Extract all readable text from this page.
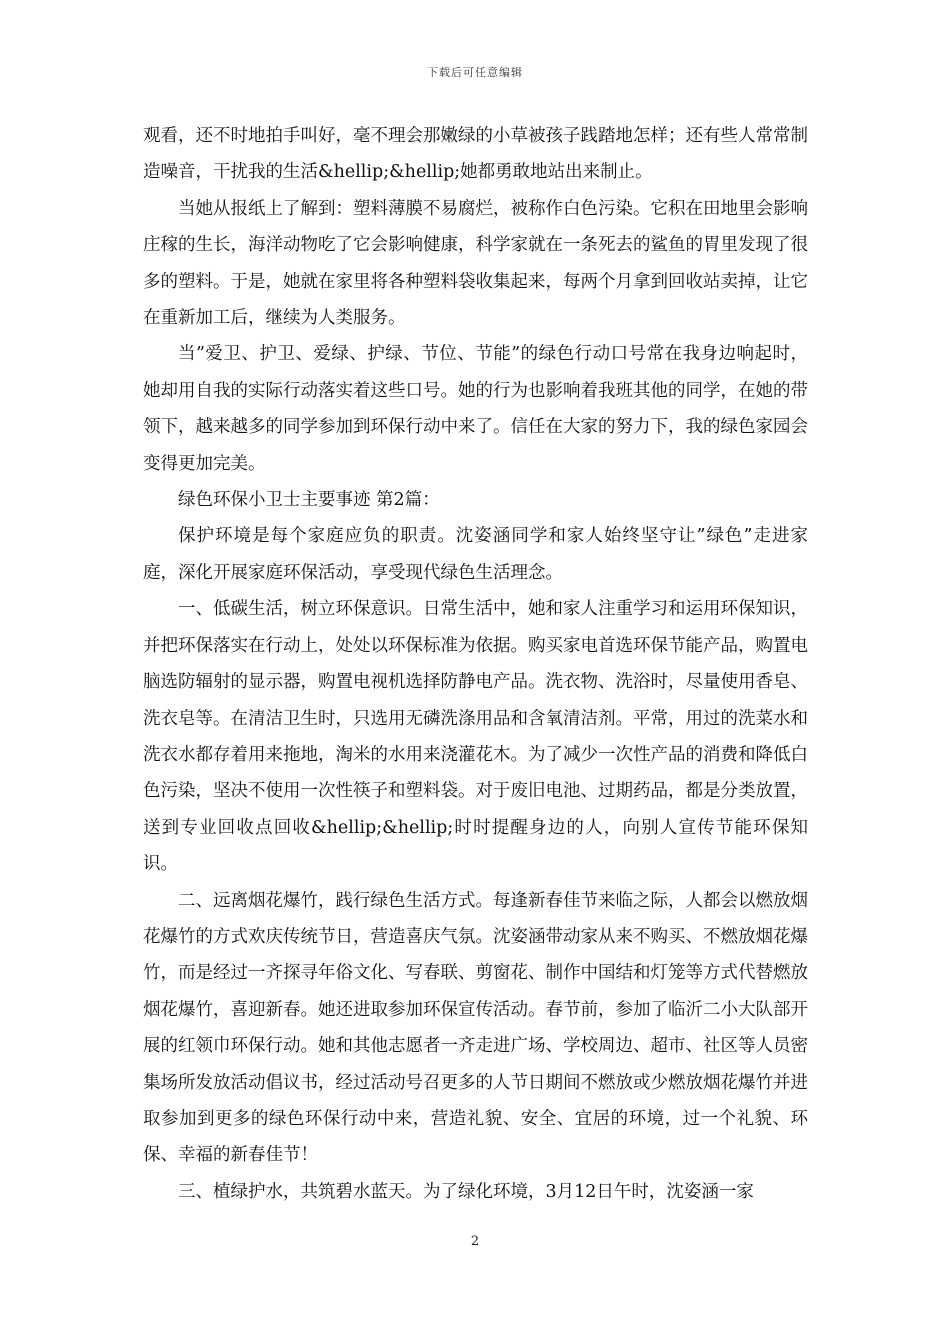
下载后可任意编辑

观看，还不时地拍手叫好，毫不理会那嫩绿的小草被孩子践踏地怎样；还有些人常常制造噪音，干扰我的生活&hellip;&hellip;她都勇敢地站出来制止。

当她从报纸上了解到：塑料薄膜不易腐烂，被称作白色污染。它积在田地里会影响庄稼的生长，海洋动物吃了它会影响健康，科学家就在一条死去的鲨鱼的胃里发现了很多的塑料。于是，她就在家里将各种塑料袋收集起来，每两个月拿到回收站卖掉，让它在重新加工后，继续为人类服务。

当”爱卫、护卫、爱绿、护绿、节位、节能”的绿色行动口号常在我身边响起时，她却用自我的实际行动落实着这些口号。她的行为也影响着我班其他的同学，在她的带领下，越来越多的同学参加到环保行动中来了。信任在大家的努力下，我的绿色家园会变得更加完美。

绿色环保小卫士主要事迹 第2篇：

保护环境是每个家庭应负的职责。沈姿涵同学和家人始终坚守让”绿色”走进家庭，深化开展家庭环保活动，享受现代绿色生活理念。

一、低碳生活，树立环保意识。日常生活中，她和家人注重学习和运用环保知识，并把环保落实在行动上，处处以环保标准为依据。购买家电首选环保节能产品，购置电脑选防辐射的显示器，购置电视机选择防静电产品。洗衣物、洗浴时，尽量使用香皂、洗衣皂等。在清洁卫生时，只选用无磷洗涤用品和含氧清洁剂。平常，用过的洗菜水和洗衣水都存着用来拖地，淘米的水用来浇灌花木。为了减少一次性产品的消费和降低白色污染，坚决不使用一次性筷子和塑料袋。对于废旧电池、过期药品，都是分类放置，送到专业回收点回收&hellip;&hellip;时时提醒身边的人，向别人宣传节能环保知识。

二、远离烟花爆竹，践行绿色生活方式。每逢新春佳节来临之际，人都会以燃放烟花爆竹的方式欢庆传统节日，营造喜庆气氛。沈姿涵带动家从来不购买、不燃放烟花爆竹，而是经过一齐探寻年俗文化、写春联、剪窗花、制作中国结和灯笼等方式代替燃放烟花爆竹，喜迎新春。她还进取参加环保宣传活动。春节前，参加了临沂二小大队部开展的红领巾环保行动。她和其他志愿者一齐走进广场、学校周边、超市、社区等人员密集场所发放活动倡议书，经过活动号召更多的人节日期间不燃放或少燃放烟花爆竹并进取参加到更多的绿色环保行动中来，营造礼貌、安全、宜居的环境，过一个礼貌、环保、幸福的新春佳节！

三、植绿护水，共筑碧水蓝天。为了绿化环境，3月12日午时，沈姿涵一家

2
